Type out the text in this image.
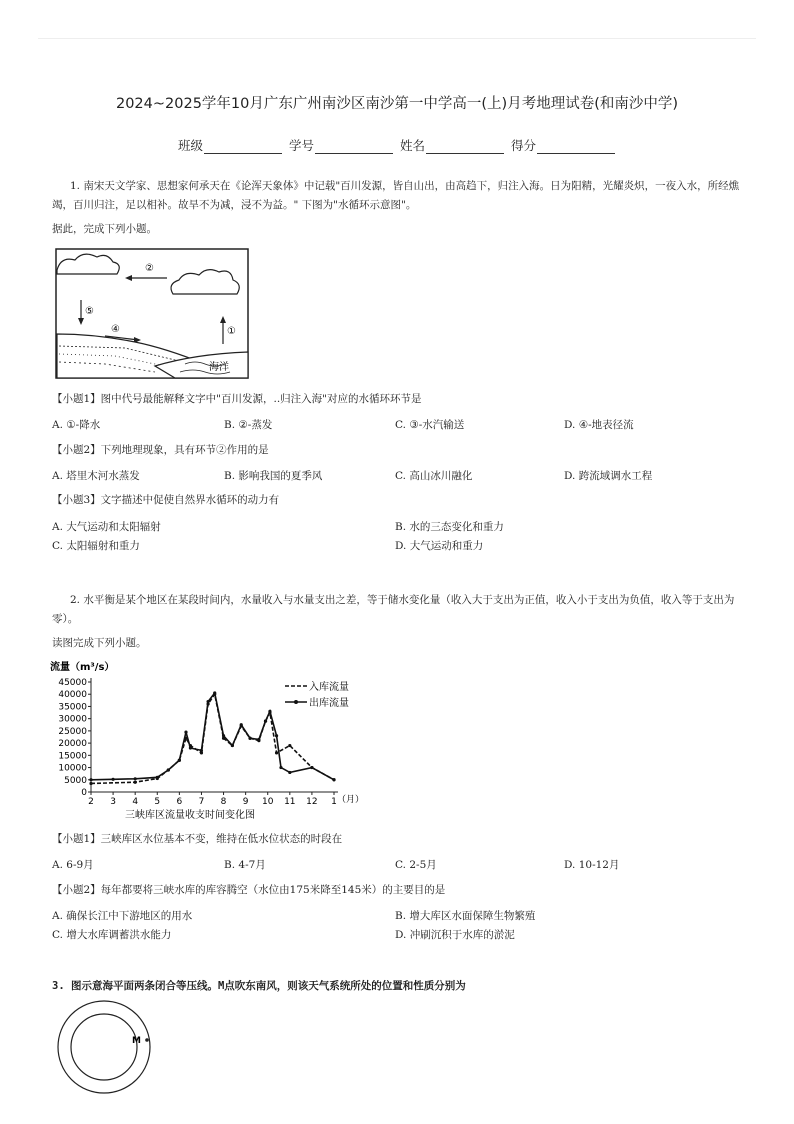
2024~2025学年10月广东广州南沙区南沙第一中学高一(上)月考地理试卷(和南沙中学)
班级	学号	姓名	得分
1. 南宋天文学家、思想家何承天在《论浑天象体》中记载"百川发源，皆自山出，由高趋下，归注入海。日为阳精，光耀炎炽，一夜入水，所经燋竭，百川归注，足以相补。故旱不为减，浸不为益。" 下图为"水循环示意图"。
据此，完成下列小题。
②
⑤
④	①
海洋
【小题1】图中代号最能解释文字中"百川发源，..归注入海"对应的水循环环节是
A. ①-降水	B. ②-蒸发	C. ③-水汽输送	D. ④-地表径流
【小题2】下列地理现象，具有环节②作用的是
A. 塔里木河水蒸发	B. 影响我国的夏季风	C. 高山冰川融化	D. 跨流域调水工程
【小题3】文字描述中促使自然界水循环的动力有
A. 大气运动和太阳辐射	B. 水的三态变化和重力
C. 太阳辐射和重力	D. 大气运动和重力
2. 水平衡是某个地区在某段时间内，水量收入与水量支出之差，等于储水变化量（收入大于支出为正值，收入小于支出为负值，收入等于支出为零）。
读图完成下列小题。
流量（m³/s）
0
5000
10000
15000
20000
25000
30000
35000
40000
45000
2 3 4 5 6 7 8 9 10 11 12 1
入库流量
出库流量
（月）
三峡库区流量收支时间变化图
【小题1】三峡库区水位基本不变，维持在低水位状态的时段在
A. 6-9月	B. 4-7月	C. 2-5月	D. 10-12月
【小题2】每年都要将三峡水库的库容腾空（水位由175米降至145米）的主要目的是
A. 确保长江中下游地区的用水	B. 增大库区水面保障生物繁殖
C. 增大水库调蓄洪水能力	D. 冲刷沉积于水库的淤泥
3. 图示意海平面两条闭合等压线。M点吹东南风，则该天气系统所处的位置和性质分别为
M
